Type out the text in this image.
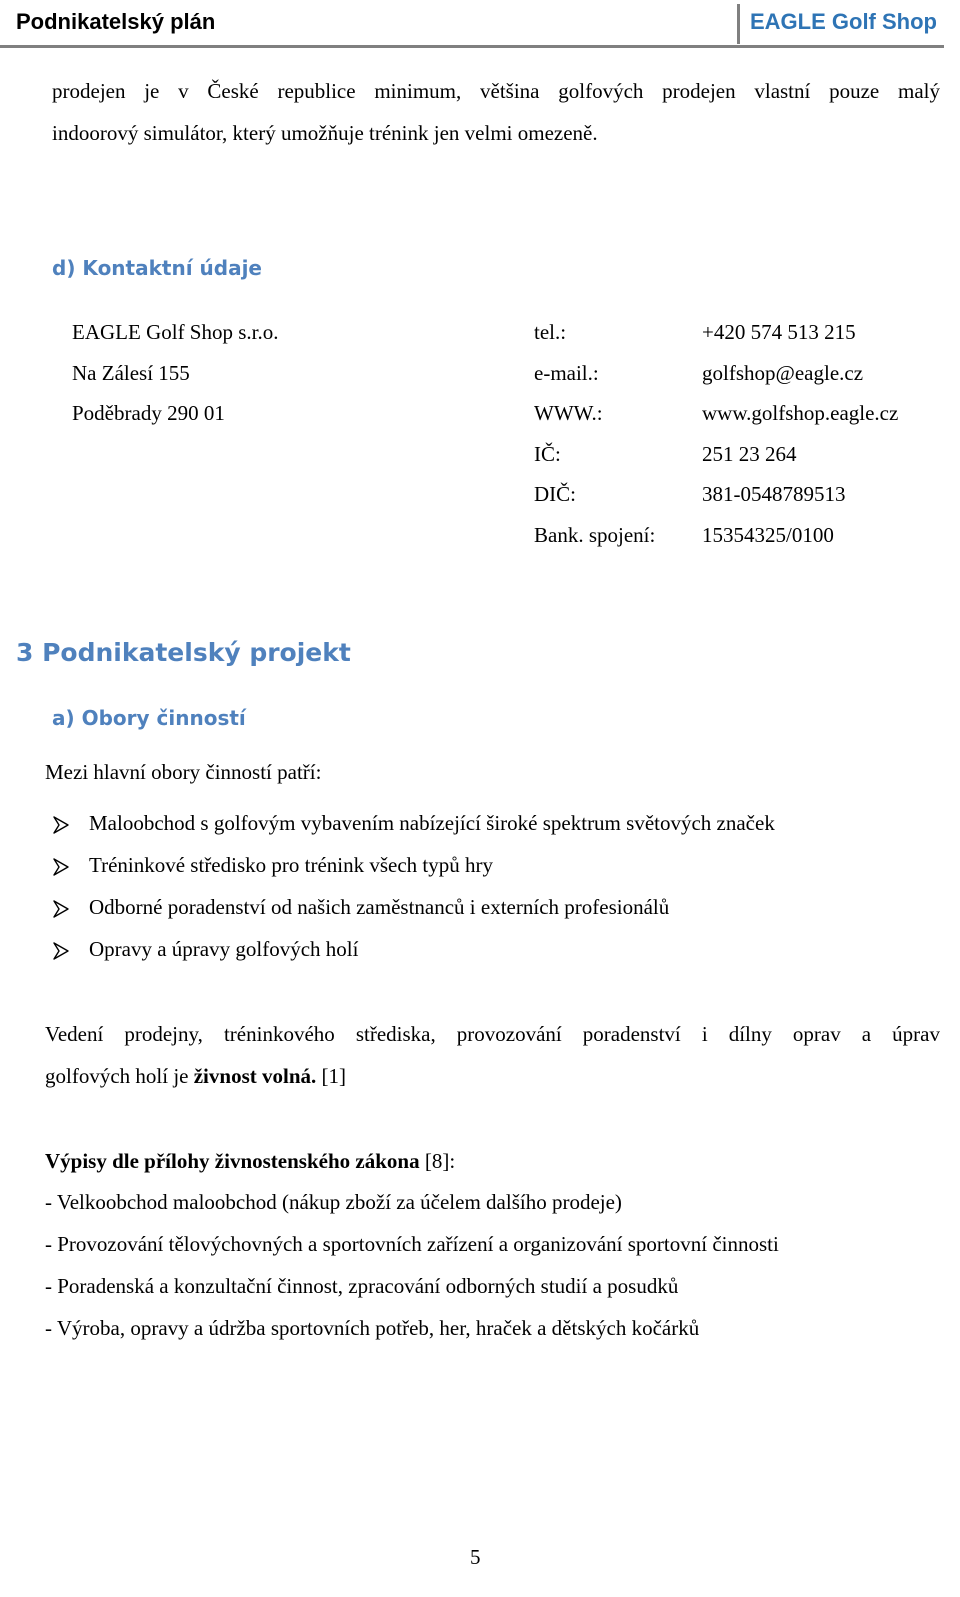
Podnikatelský plán	EAGLE Golf Shop
prodejen je v České republice minimum, většina golfových prodejen vlastní pouze malý
indoorový simulátor, který umožňuje trénink jen velmi omezeně.
d) Kontaktní údaje
EAGLE Golf Shop s.r.o.
Na Zálesí 155
Poděbrady 290 01
tel.:	+420 574 513 215
e-mail.:	golfshop@eagle.cz
WWW.:	www.golfshop.eagle.cz
IČ:	251 23 264
DIČ:	381-0548789513
Bank. spojení: 15354325/0100
3 Podnikatelský projekt
a) Obory činností
Mezi hlavní obory činností patří:
Maloobchod s golfovým vybavením nabízející široké spektrum světových značek
Tréninkové středisko pro trénink všech typů hry
Odborné poradenství od našich zaměstnanců i externích profesionálů
Opravy a úpravy golfových holí
Vedení prodejny, tréninkového střediska, provozování poradenství i dílny oprav a úprav
golfových holí je živnost volná. [1]
Výpisy dle přílohy živnostenského zákona [8]:
- Velkoobchod maloobchod (nákup zboží za účelem dalšího prodeje)
- Provozování tělovýchovných a sportovních zařízení a organizování sportovní činnosti
- Poradenská a konzultační činnost, zpracování odborných studií a posudků
- Výroba, opravy a údržba sportovních potřeb, her, hraček a dětských kočárků
5
